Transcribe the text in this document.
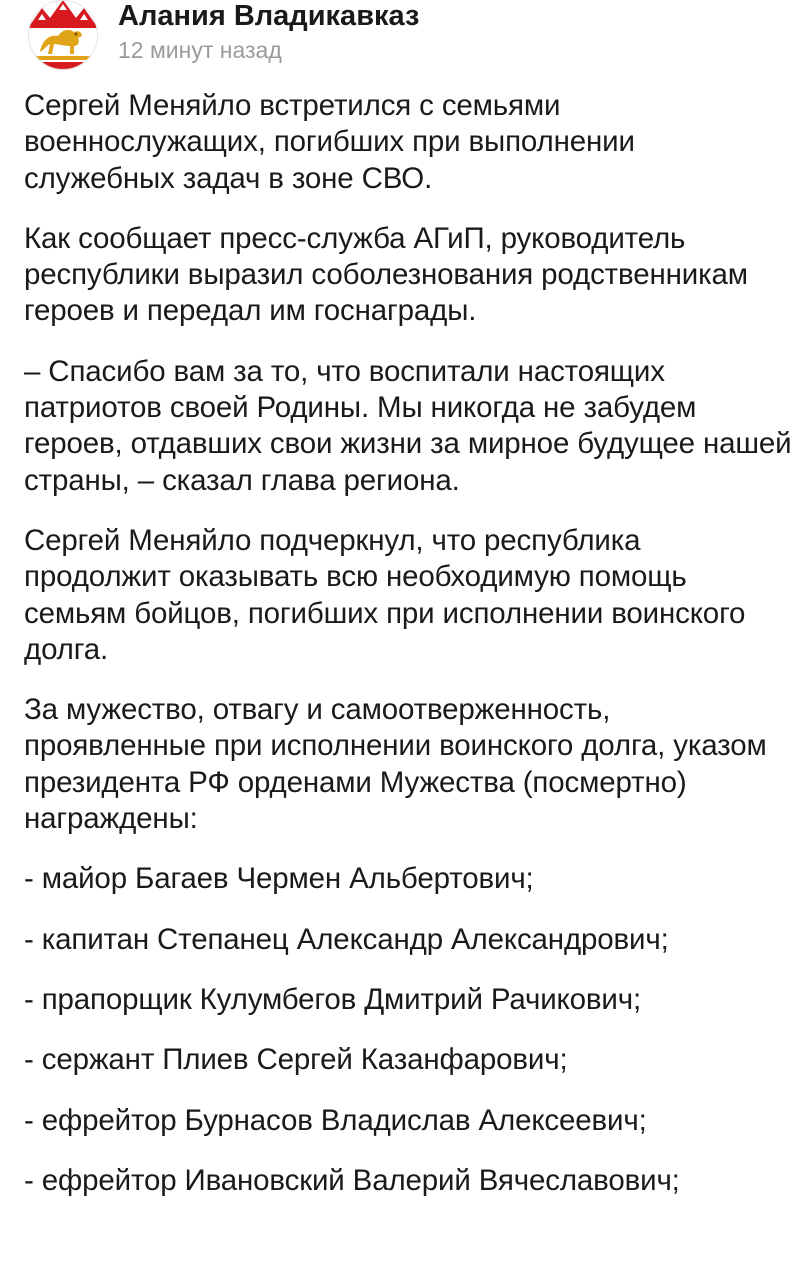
Алания Владикавказ
12 минут назад

Сергей Меняйло встретился с семьями военнослужащих, погибших при выполнении служебных задач в зоне СВО.

Как сообщает пресс-служба АГиП, руководитель республики выразил соболезнования родственникам героев и передал им госнаграды.

– Спасибо вам за то, что воспитали настоящих патриотов своей Родины. Мы никогда не забудем героев, отдавших свои жизни за мирное будущее нашей страны, – сказал глава региона.

Сергей Меняйло подчеркнул, что республика продолжит оказывать всю необходимую помощь семьям бойцов, погибших при исполнении воинского долга.

За мужество, отвагу и самоотверженность, проявленные при исполнении воинского долга, указом президента РФ орденами Мужества (посмертно) награждены:

- майор Багаев Чермен Альбертович;

- капитан Степанец Александр Александрович;

- прапорщик Кулумбегов Дмитрий Рачикович;

- сержант Плиев Сергей Казанфарович;

- ефрейтор Бурнасов Владислав Алексеевич;

- ефрейтор Ивановский Валерий Вячеславович;
